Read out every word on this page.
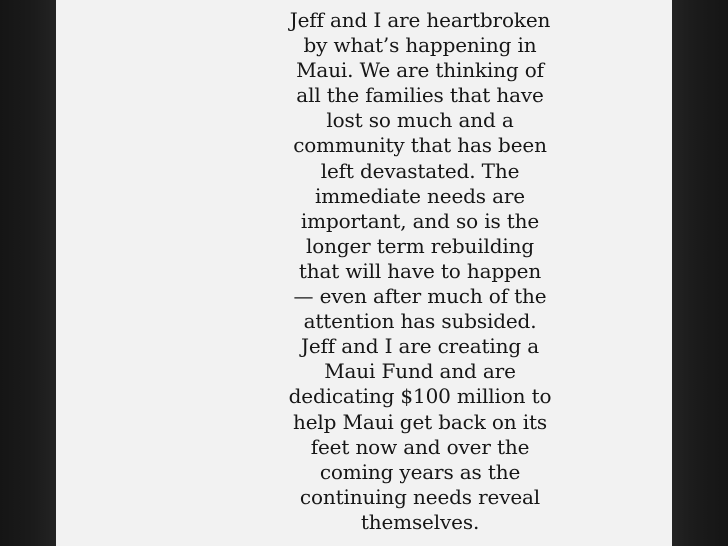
Jeff and I are heartbroken
by what’s happening in
Maui. We are thinking of
all the families that have
lost so much and a
community that has been
left devastated. The
immediate needs are
important, and so is the
longer term rebuilding
that will have to happen
— even after much of the
attention has subsided.
Jeff and I are creating a
Maui Fund and are
dedicating $100 million to
help Maui get back on its
feet now and over the
coming years as the
continuing needs reveal
themselves.
